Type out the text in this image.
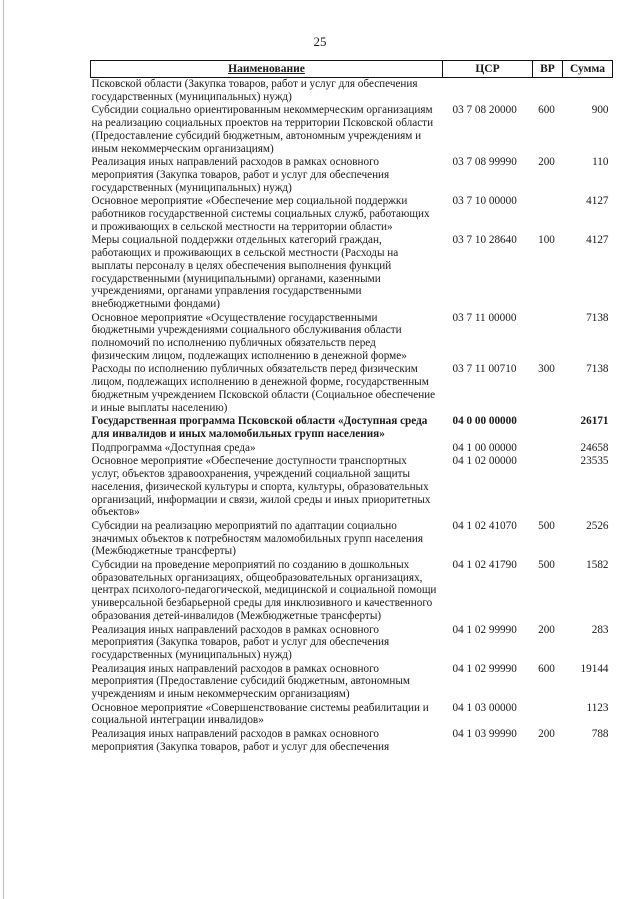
25
Наименование	ЦСР	ВР	Сумма
Псковской области (Закупка товаров, работ и услуг для обеспечения государственных (муниципальных) нужд)			
Субсидии социально ориентированным некоммерческим организациям на реализацию социальных проектов на территории Псковской области (Предоставление субсидий бюджетным, автономным учреждениям и иным некоммерческим организациям)	03 7 08 20000	600	900
Реализация иных направлений расходов в рамках основного мероприятия (Закупка товаров, работ и услуг для обеспечения государственных (муниципальных) нужд)	03 7 08 99990	200	110
Основное мероприятие «Обеспечение мер социальной поддержки работников государственной системы социальных служб, работающих и проживающих в сельской местности на территории области»	03 7 10 00000		4127
Меры социальной поддержки отдельных категорий граждан, работающих и проживающих в сельской местности (Расходы на выплаты персоналу в целях обеспечения выполнения функций государственными (муниципальными) органами, казенными учреждениями, органами управления государственными внебюджетными фондами)	03 7 10 28640	100	4127
Основное мероприятие «Осуществление государственными бюджетными учреждениями социального обслуживания области полномочий по исполнению публичных обязательств перед физическим лицом, подлежащих исполнению в денежной форме»	03 7 11 00000		7138
Расходы по исполнению публичных обязательств перед физическим лицом, подлежащих исполнению в денежной форме, государственным бюджетным учреждением Псковской области (Социальное обеспечение и иные выплаты населению)	03 7 11 00710	300	7138
Государственная программа Псковской области «Доступная среда для инвалидов и иных маломобильных групп населения»	04 0 00 00000		26171
Подпрограмма «Доступная среда»	04 1 00 00000		24658
Основное мероприятие «Обеспечение доступности транспортных услуг, объектов здравоохранения, учреждений социальной защиты населения, физической культуры и спорта, культуры, образовательных организаций, информации и связи, жилой среды и иных приоритетных объектов»	04 1 02 00000		23535
Субсидии на реализацию мероприятий по адаптации социально значимых объектов к потребностям маломобильных групп населения (Межбюджетные трансферты)	04 1 02 41070	500	2526
Субсидии на проведение мероприятий по созданию в дошкольных образовательных организациях, общеобразовательных организациях, центрах психолого-педагогической, медицинской и социальной помощи универсальной безбарьерной среды для инклюзивного и качественного образования детей-инвалидов (Межбюджетные трансферты)	04 1 02 41790	500	1582
Реализация иных направлений расходов в рамках основного мероприятия (Закупка товаров, работ и услуг для обеспечения государственных (муниципальных) нужд)	04 1 02 99990	200	283
Реализация иных направлений расходов в рамках основного мероприятия (Предоставление субсидий бюджетным, автономным учреждениям и иным некоммерческим организациям)	04 1 02 99990	600	19144
Основное мероприятие «Совершенствование системы реабилитации и социальной интеграции инвалидов»	04 1 03 00000		1123
Реализация иных направлений расходов в рамках основного мероприятия (Закупка товаров, работ и услуг для обеспечения	04 1 03 99990	200	788
